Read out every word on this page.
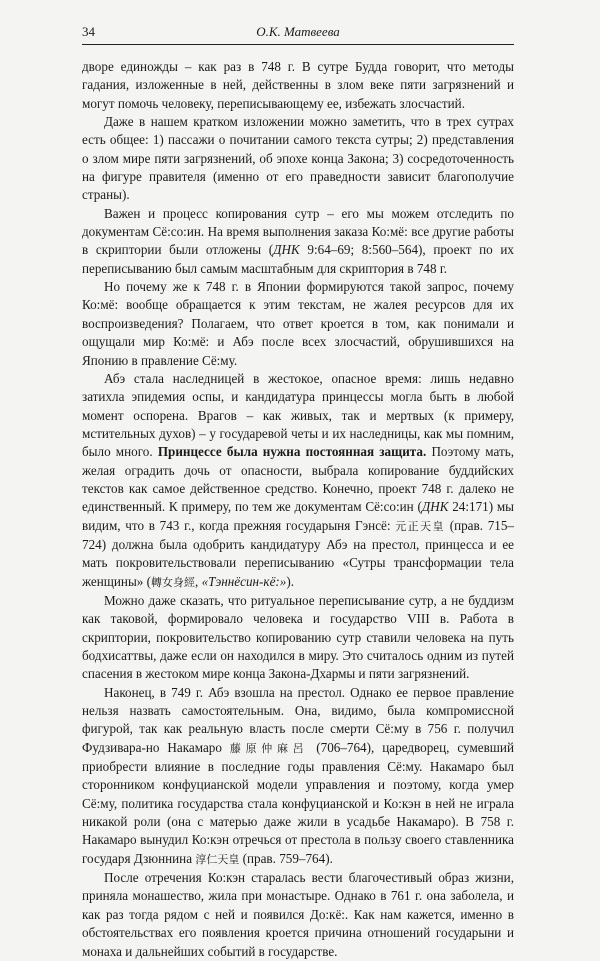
34	О.К. Матвеева

дворе единожды – как раз в 748 г. В сутре Будда говорит, что методы гадания, изложенные в ней, действенны в злом веке пяти загрязнений и могут помочь человеку, переписывающему ее, избежать злосчастий.

Даже в нашем кратком изложении можно заметить, что в трех сутрах есть общее: 1) пассажи о почитании самого текста сутры; 2) представления о злом мире пяти загрязнений, об эпохе конца Закона; 3) сосредоточенность на фигуре правителя (именно от его праведности зависит благополучие страны).

Важен и процесс копирования сутр – его мы можем отследить по документам Сё:со:ин. На время выполнения заказа Ко:мё: все другие работы в скриптории были отложены (ДНК 9:64–69; 8:560–564), проект по их переписыванию был самым масштабным для скриптория в 748 г.

Но почему же к 748 г. в Японии формируются такой запрос, почему Ко:мё: вообще обращается к этим текстам, не жалея ресурсов для их воспроизведения? Полагаем, что ответ кроется в том, как понимали и ощущали мир Ко:мё: и Абэ после всех злосчастий, обрушившихся на Японию в правление Сё:му.

Абэ стала наследницей в жестокое, опасное время: лишь недавно затихла эпидемия оспы, и кандидатура принцессы могла быть в любой момент оспорена. Врагов – как живых, так и мертвых (к примеру, мстительных духов) – у государевой четы и их наследницы, как мы помним, было много. Принцессе была нужна постоянная защита. Поэтому мать, желая оградить дочь от опасности, выбрала копирование буддийских текстов как самое действенное средство. Конечно, проект 748 г. далеко не единственный. К примеру, по тем же документам Сё:со:ин (ДНК 24:171) мы видим, что в 743 г., когда прежняя государыня Гэнсё: 元正天皇 (прав. 715–724) должна была одобрить кандидатуру Абэ на престол, принцесса и ее мать покровительствовали переписыванию «Сутры трансформации тела женщины» (轉女身經, «Тэннёсин-кё:»).

Можно даже сказать, что ритуальное переписывание сутр, а не буддизм как таковой, формировало человека и государство VIII в. Работа в скриптории, покровительство копированию сутр ставили человека на путь бодхисаттвы, даже если он находился в миру. Это считалось одним из путей спасения в жестоком мире конца Закона-Дхармы и пяти загрязнений.

Наконец, в 749 г. Абэ взошла на престол. Однако ее первое правление нельзя назвать самостоятельным. Она, видимо, была компромиссной фигурой, так как реальную власть после смерти Сё:му в 756 г. получил Фудзивара-но Накамаро 藤原仲麻呂 (706–764), царедворец, сумевший приобрести влияние в последние годы правления Сё:му. Накамаро был сторонником конфуцианской модели управления и поэтому, когда умер Сё:му, политика государства стала конфуцианской и Ко:кэн в ней не играла никакой роли (она с матерью даже жили в усадьбе Накамаро). В 758 г. Накамаро вынудил Ко:кэн отречься от престола в пользу своего ставленника государя Дзюннина 淳仁天皇 (прав. 759–764).

После отречения Ко:кэн старалась вести благочестивый образ жизни, приняла монашество, жила при монастыре. Однако в 761 г. она заболела, и как раз тогда рядом с ней и появился До:кё:. Как нам кажется, именно в обстоятельствах его появления кроется причина отношений государыни и монаха и дальнейших событий в государстве.
